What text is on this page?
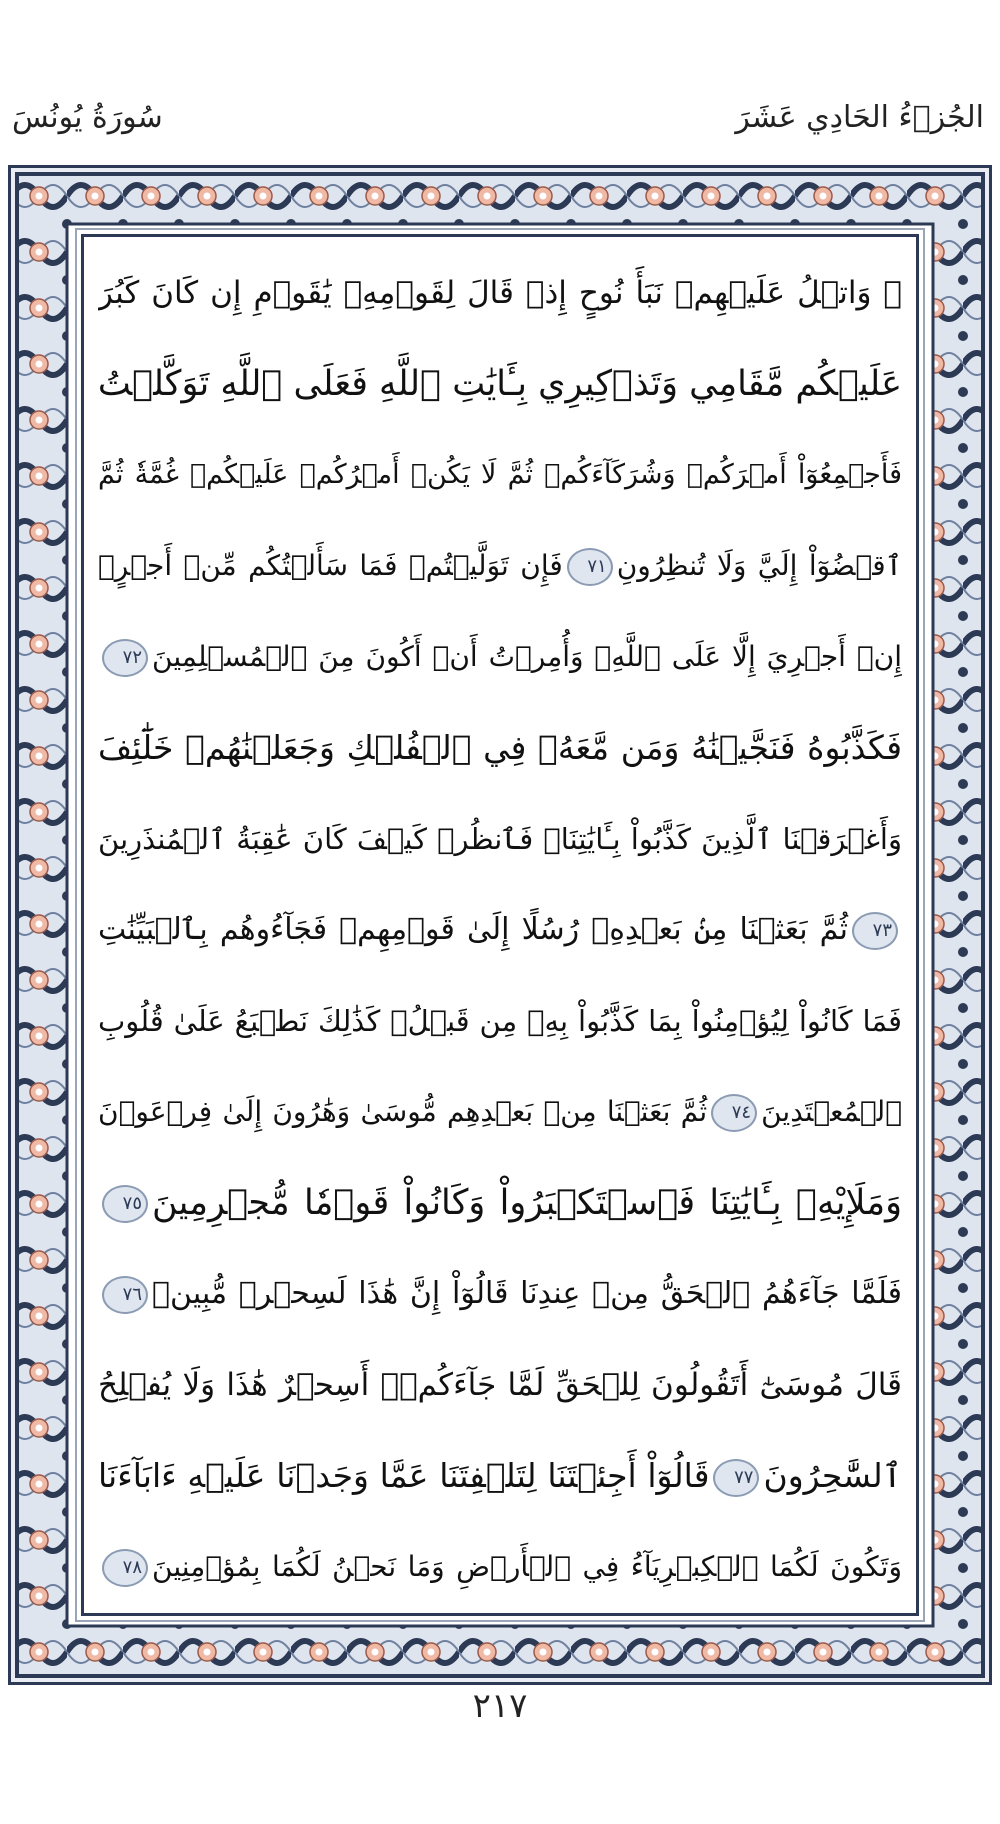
الجُزۡءُ الحَادِي عَشَرَ
سُورَةُ يُونُسَ
۞ وَاتۡلُ عَلَيۡهِمۡ نَبَأَ نُوحٍ إِذۡ قَالَ لِقَوۡمِهِۦ يَٰقَوۡمِ إِن كَانَ كَبُرَ
عَلَيۡكُم مَّقَامِي وَتَذۡكِيرِي بِـَٔايَٰتِ ٱللَّهِ فَعَلَى ٱللَّهِ تَوَكَّلۡتُ
فَأَجۡمِعُوٓاْ أَمۡرَكُمۡ وَشُرَكَآءَكُمۡ ثُمَّ لَا يَكُنۡ أَمۡرُكُمۡ عَلَيۡكُمۡ غُمَّةٗ ثُمَّ
ٱقۡضُوٓاْ إِلَيَّ وَلَا تُنظِرُونِ٧١فَإِن تَوَلَّيۡتُمۡ فَمَا سَأَلۡتُكُم مِّنۡ أَجۡرٍۖ
إِنۡ أَجۡرِيَ إِلَّا عَلَى ٱللَّهِۖ وَأُمِرۡتُ أَنۡ أَكُونَ مِنَ ٱلۡمُسۡلِمِينَ٧٢
فَكَذَّبُوهُ فَنَجَّيۡنَٰهُ وَمَن مَّعَهُۥ فِي ٱلۡفُلۡكِ وَجَعَلۡنَٰهُمۡ خَلَٰٓئِفَ
وَأَغۡرَقۡنَا ٱلَّذِينَ كَذَّبُواْ بِـَٔايَٰتِنَاۖ فَٱنظُرۡ كَيۡفَ كَانَ عَٰقِبَةُ ٱلۡمُنذَرِينَ
٧٣ثُمَّ بَعَثۡنَا مِنۢ بَعۡدِهِۦ رُسُلًا إِلَىٰ قَوۡمِهِمۡ فَجَآءُوهُم بِٱلۡبَيِّنَٰتِ
فَمَا كَانُواْ لِيُؤۡمِنُواْ بِمَا كَذَّبُواْ بِهِۦ مِن قَبۡلُۚ كَذَٰلِكَ نَطۡبَعُ عَلَىٰ قُلُوبِ
ٱلۡمُعۡتَدِينَ٧٤ثُمَّ بَعَثۡنَا مِنۢ بَعۡدِهِم مُّوسَىٰ وَهَٰرُونَ إِلَىٰ فِرۡعَوۡنَ
وَمَلَإِيْهِۦ بِـَٔايَٰتِنَا فَٱسۡتَكۡبَرُواْ وَكَانُواْ قَوۡمٗا مُّجۡرِمِينَ٧٥
فَلَمَّا جَآءَهُمُ ٱلۡحَقُّ مِنۡ عِندِنَا قَالُوٓاْ إِنَّ هَٰذَا لَسِحۡرٞ مُّبِينٞ٧٦
قَالَ مُوسَىٰٓ أَتَقُولُونَ لِلۡحَقِّ لَمَّا جَآءَكُمۡۖ أَسِحۡرٌ هَٰذَا وَلَا يُفۡلِحُ
ٱلسَّٰحِرُونَ٧٧قَالُوٓاْ أَجِئۡتَنَا لِتَلۡفِتَنَا عَمَّا وَجَدۡنَا عَلَيۡهِ ءَابَآءَنَا
وَتَكُونَ لَكُمَا ٱلۡكِبۡرِيَآءُ فِي ٱلۡأَرۡضِ وَمَا نَحۡنُ لَكُمَا بِمُؤۡمِنِينَ٧٨
٢١٧
